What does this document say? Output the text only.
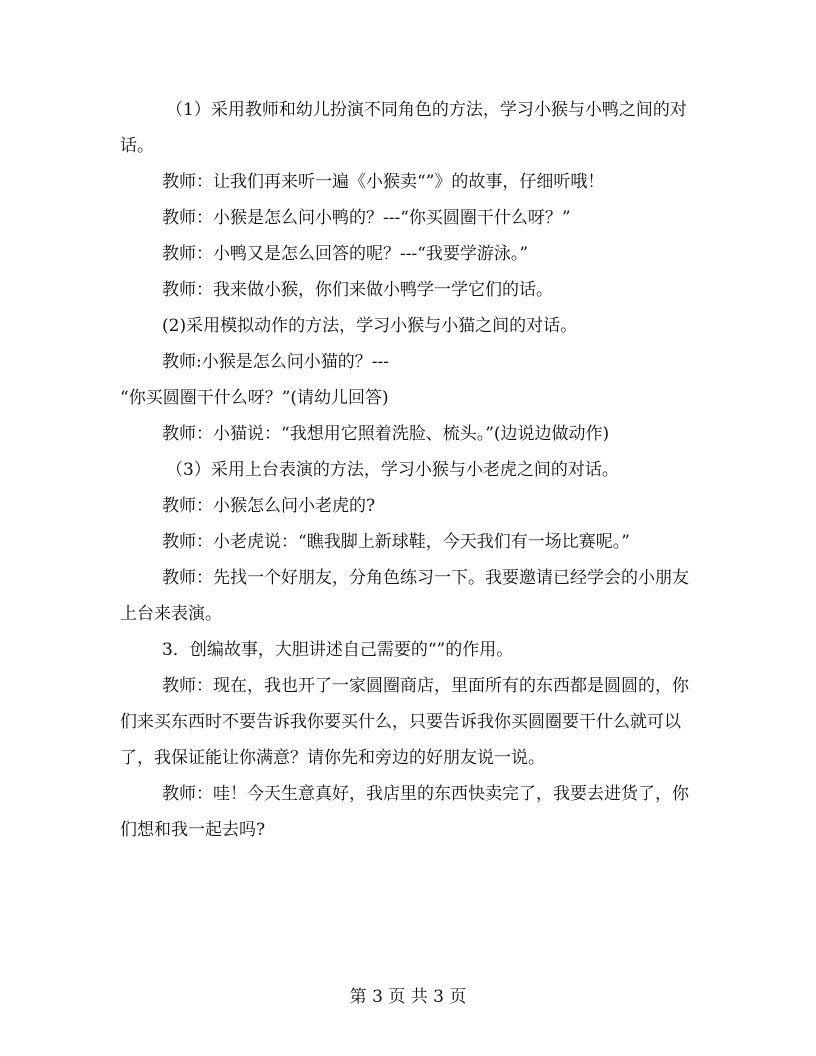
（1）采用教师和幼儿扮演不同角色的方法，学习小猴与小鸭之间的对话。

教师：让我们再来听一遍《小猴卖“”》的故事，仔细听哦！

教师：小猴是怎么问小鸭的？---“你买圆圈干什么呀？”

教师：小鸭又是怎么回答的呢？---“我要学游泳。”

教师：我来做小猴，你们来做小鸭学一学它们的话。

(2)采用模拟动作的方法，学习小猴与小猫之间的对话。

教师:小猴是怎么问小猫的？---

“你买圆圈干什么呀？”(请幼儿回答)

教师：小猫说：“我想用它照着洗脸、梳头。”(边说边做动作)

（3）采用上台表演的方法，学习小猴与小老虎之间的对话。

教师：小猴怎么问小老虎的?

教师：小老虎说：“瞧我脚上新球鞋，今天我们有一场比赛呢。”

教师：先找一个好朋友，分角色练习一下。我要邀请已经学会的小朋友上台来表演。

3．创编故事，大胆讲述自己需要的“”的作用。

教师：现在，我也开了一家圆圈商店，里面所有的东西都是圆圆的，你们来买东西时不要告诉我你要买什么，只要告诉我你买圆圈要干什么就可以了，我保证能让你满意？请你先和旁边的好朋友说一说。

教师：哇！今天生意真好，我店里的东西快卖完了，我要去进货了，你们想和我一起去吗?

第 3 页 共 3 页
